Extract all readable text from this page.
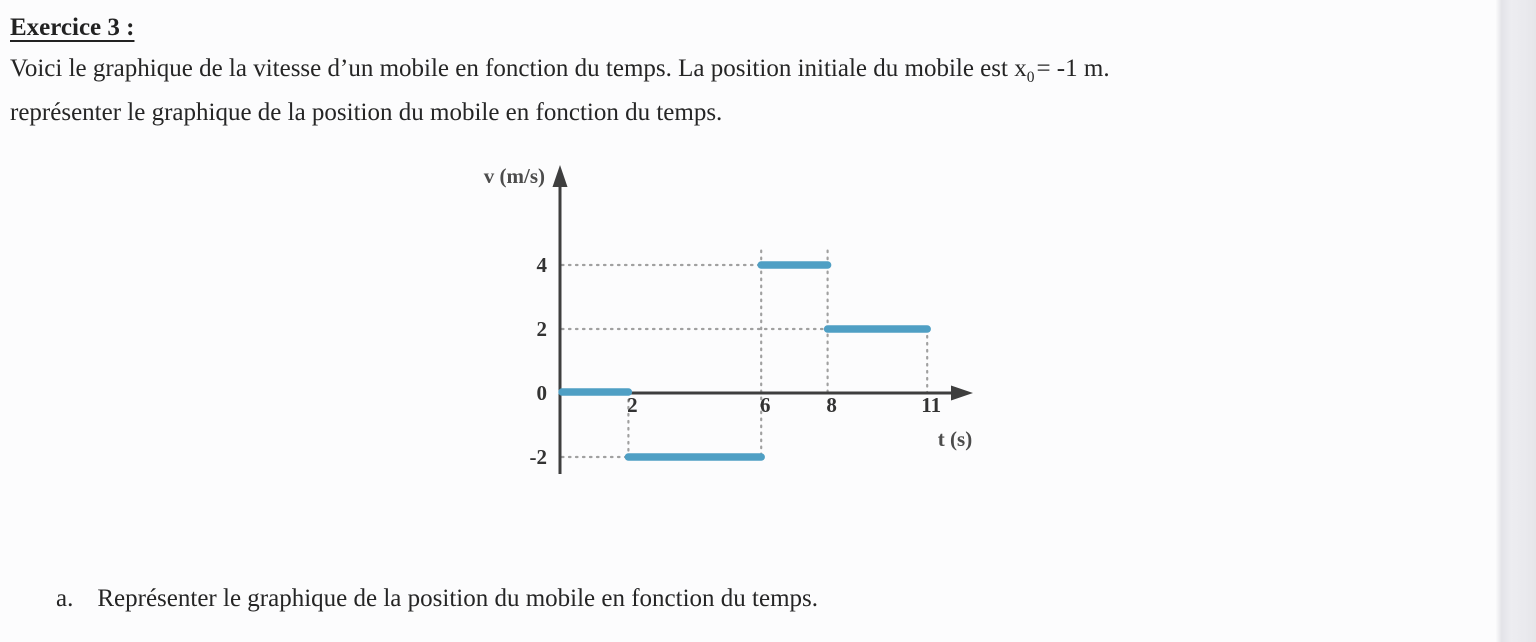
Exercice 3 :
Voici le graphique de la vitesse d’un mobile en fonction du temps. La position initiale du mobile est $x_0= -1$ m.
représenter le graphique de la position du mobile en fonction du temps.
2	6	8	11
4
2
0
-2
v (m/s)
t (s)
a. Représenter le graphique de la position du mobile en fonction du temps.
